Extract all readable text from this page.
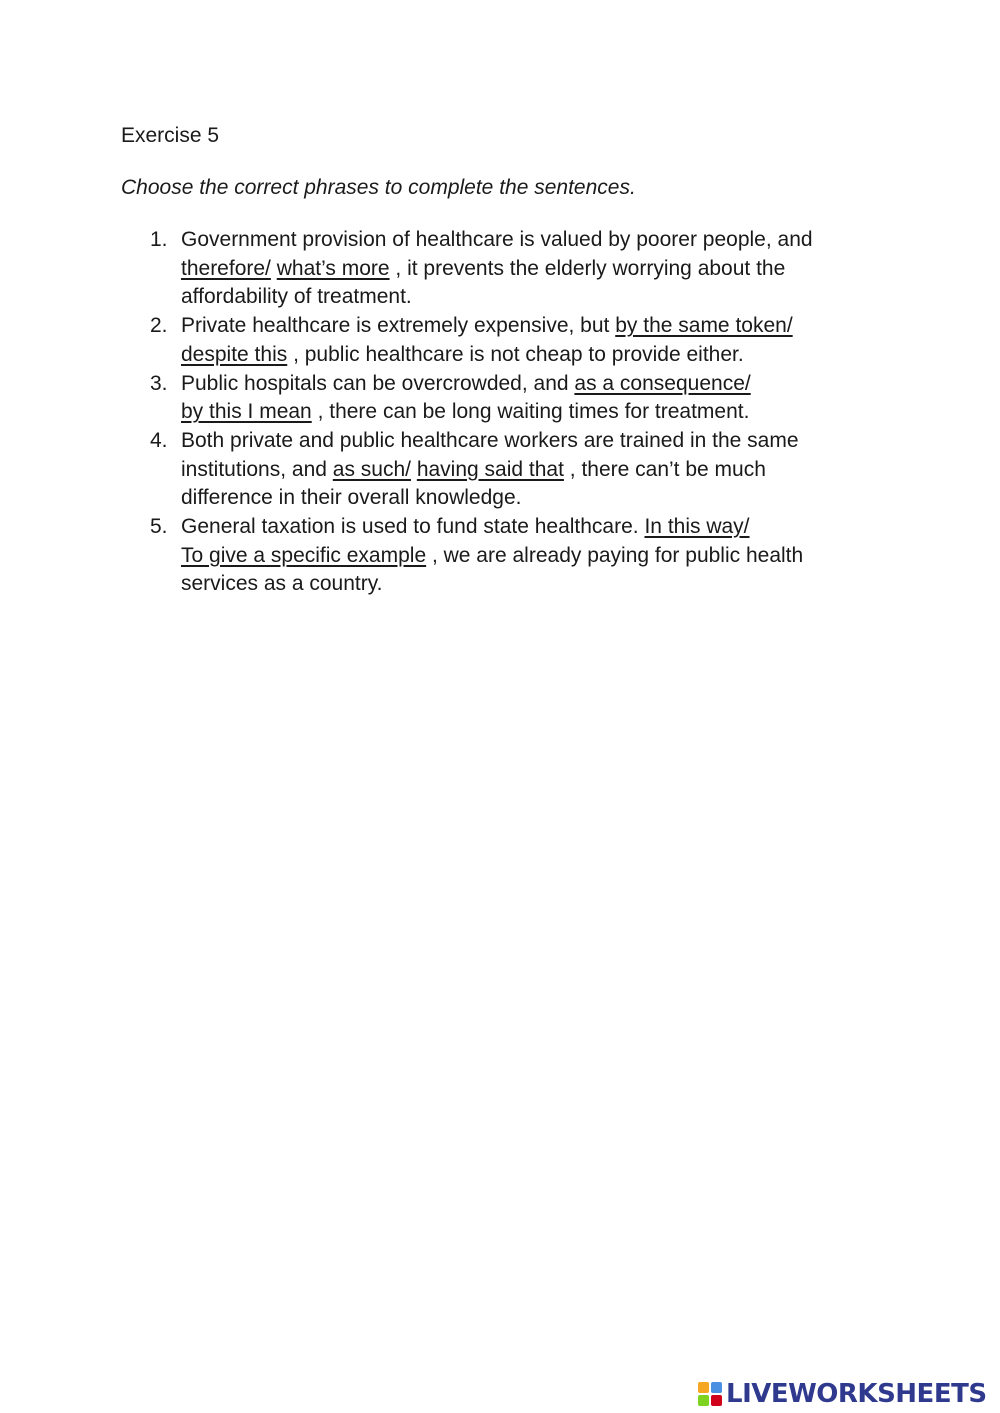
Exercise 5
Choose the correct phrases to complete the sentences.
1. Government provision of healthcare is valued by poorer people, and therefore/ what’s more , it prevents the elderly worrying about the affordability of treatment.
2. Private healthcare is extremely expensive, but by the same token/ despite this , public healthcare is not cheap to provide either.
3. Public hospitals can be overcrowded, and as a consequence/
by this I mean , there can be long waiting times for treatment.
4. Both private and public healthcare workers are trained in the same institutions, and as such/ having said that , there can’t be much difference in their overall knowledge.
5. General taxation is used to fund state healthcare. In this way/
To give a specific example , we are already paying for public health services as a country.
LIVEWORKSHEETS
